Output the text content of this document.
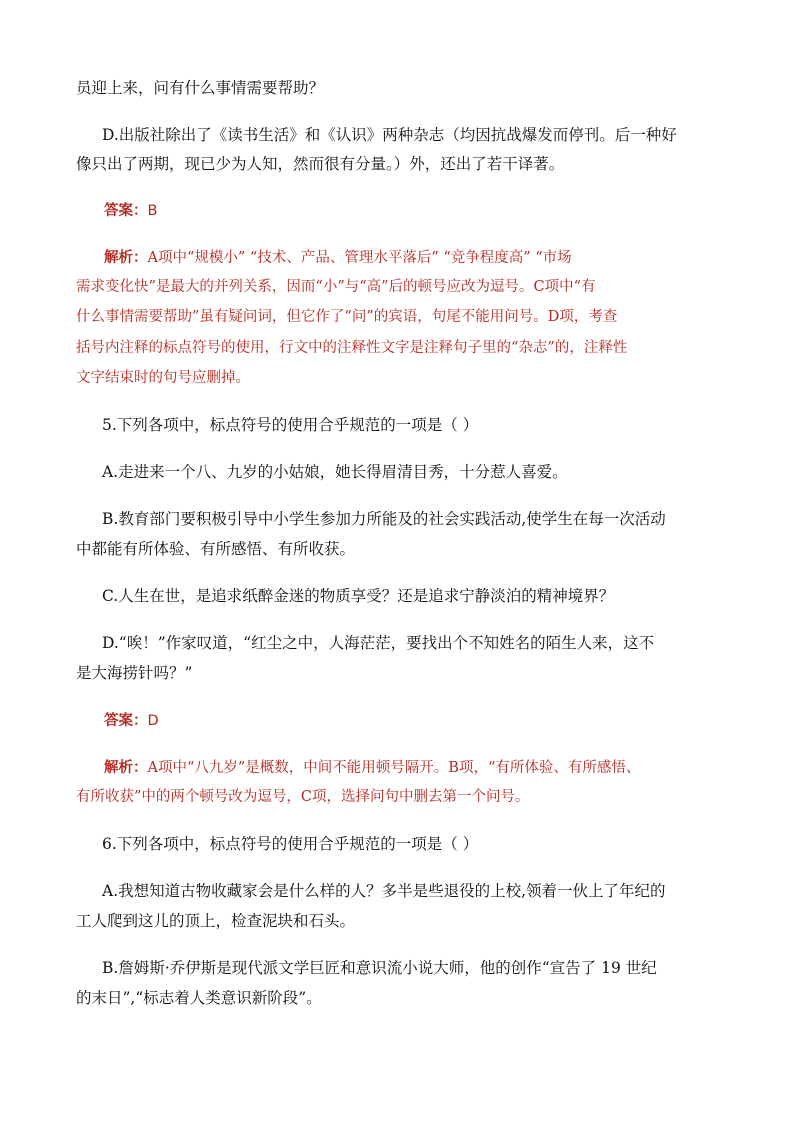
员迎上来，问有什么事情需要帮助？
D.出版社除出了《读书生活》和《认识》两种杂志（均因抗战爆发而停刊。后一种好
像只出了两期，现已少为人知，然而很有分量。）外，还出了若干译著。
答案：B
解析：A项中“规模小” “技术、产品、管理水平落后” “竞争程度高” “市场
需求变化快”是最大的并列关系，因而“小”与“高”后的顿号应改为逗号。C项中“有
什么事情需要帮助”虽有疑问词，但它作了“问”的宾语，句尾不能用问号。D项，考查
括号内注释的标点符号的使用，行文中的注释性文字是注释句子里的“杂志”的，注释性
文字结束时的句号应删掉。
5.下列各项中，标点符号的使用合乎规范的一项是（ ）
A.走进来一个八、九岁的小姑娘，她长得眉清目秀，十分惹人喜爱。
B.教育部门要积极引导中小学生参加力所能及的社会实践活动,使学生在每一次活动
中都能有所体验、有所感悟、有所收获。
C.人生在世，是追求纸醉金迷的物质享受？还是追求宁静淡泊的精神境界？
D.“唉！”作家叹道，“红尘之中，人海茫茫，要找出个不知姓名的陌生人来，这不
是大海捞针吗？”
答案：D
解析：A项中“八九岁”是概数，中间不能用顿号隔开。B项，“有所体验、有所感悟、
有所收获”中的两个顿号改为逗号，C项，选择问句中删去第一个问号。
6.下列各项中，标点符号的使用合乎规范的一项是（ ）
A.我想知道古物收藏家会是什么样的人？多半是些退役的上校,领着一伙上了年纪的
工人爬到这儿的顶上，检查泥块和石头。
B.詹姆斯·乔伊斯是现代派文学巨匠和意识流小说大师，他的创作“宣告了 19 世纪
的末日”,“标志着人类意识新阶段”。
